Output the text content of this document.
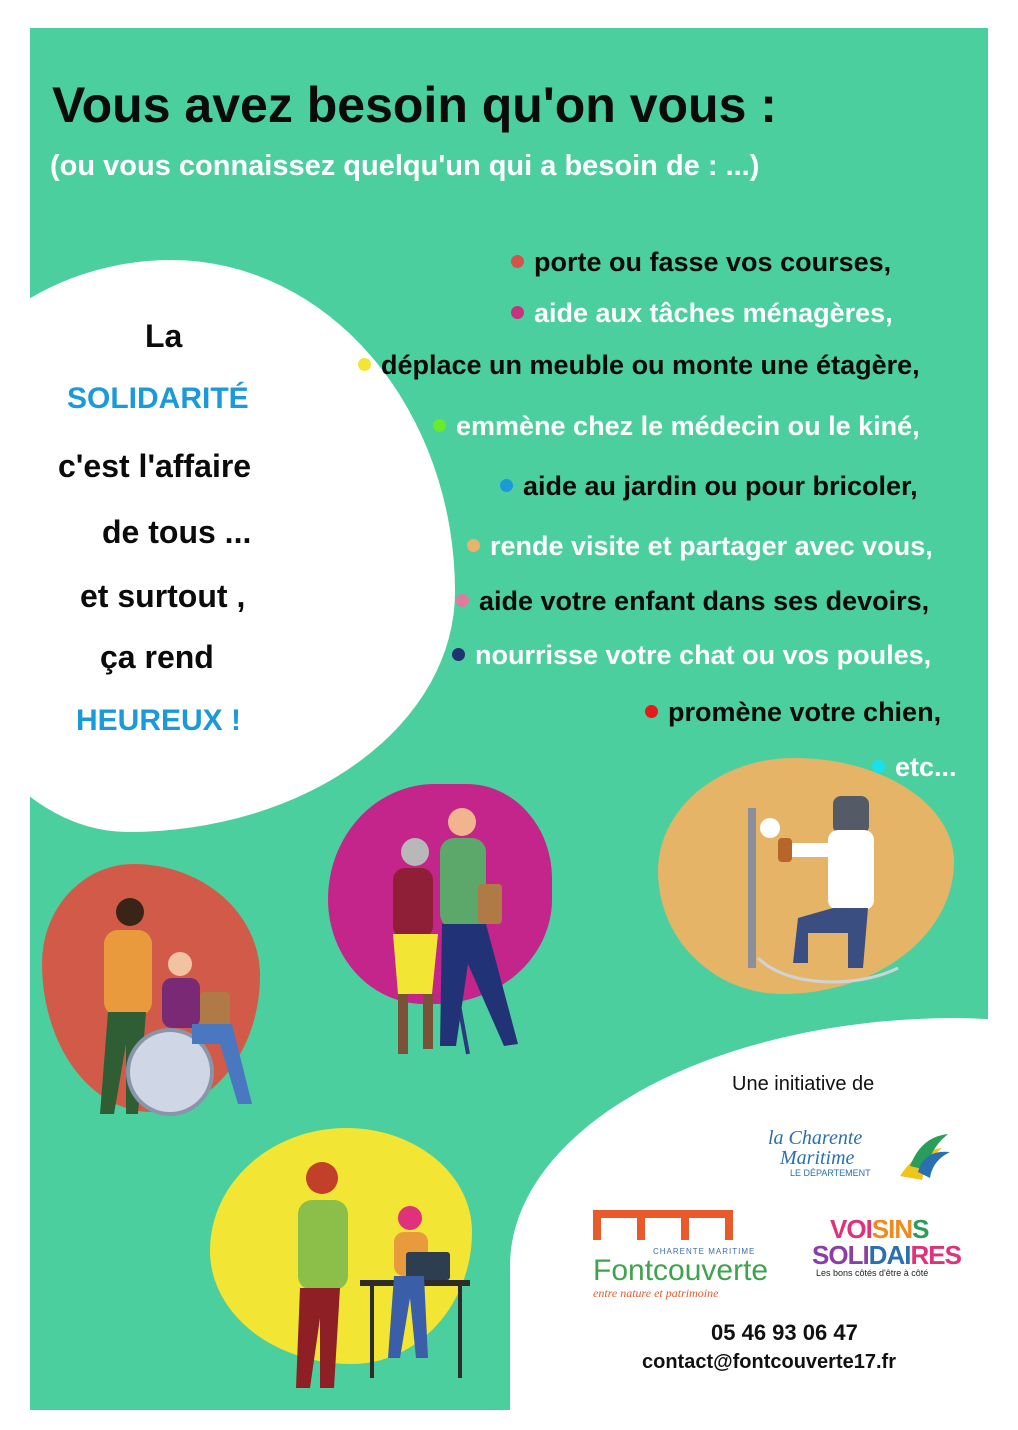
Vous avez besoin qu'on vous :
(ou vous connaissez quelqu'un qui a besoin de : ...)
La
SOLIDARITÉ
c'est l'affaire
de tous ...
et surtout ,
ça rend
HEUREUX !
porte ou fasse vos courses,
aide aux tâches ménagères,
déplace un meuble ou monte une étagère,
emmène chez le médecin ou le kiné,
aide au jardin ou pour bricoler,
rende visite et partager avec vous,
aide votre enfant dans ses devoirs,
nourrisse votre chat ou vos poules,
promène votre chien,
etc...
Une initiative de
la Charente
Maritime
LE DÉPARTEMENT
CHARENTE MARITIME
Fontcouverte
entre nature et patrimoine
VOISINS
SOLIDAIRES
Les bons côtés d'être à côté
05 46 93 06 47
contact@fontcouverte17.fr
